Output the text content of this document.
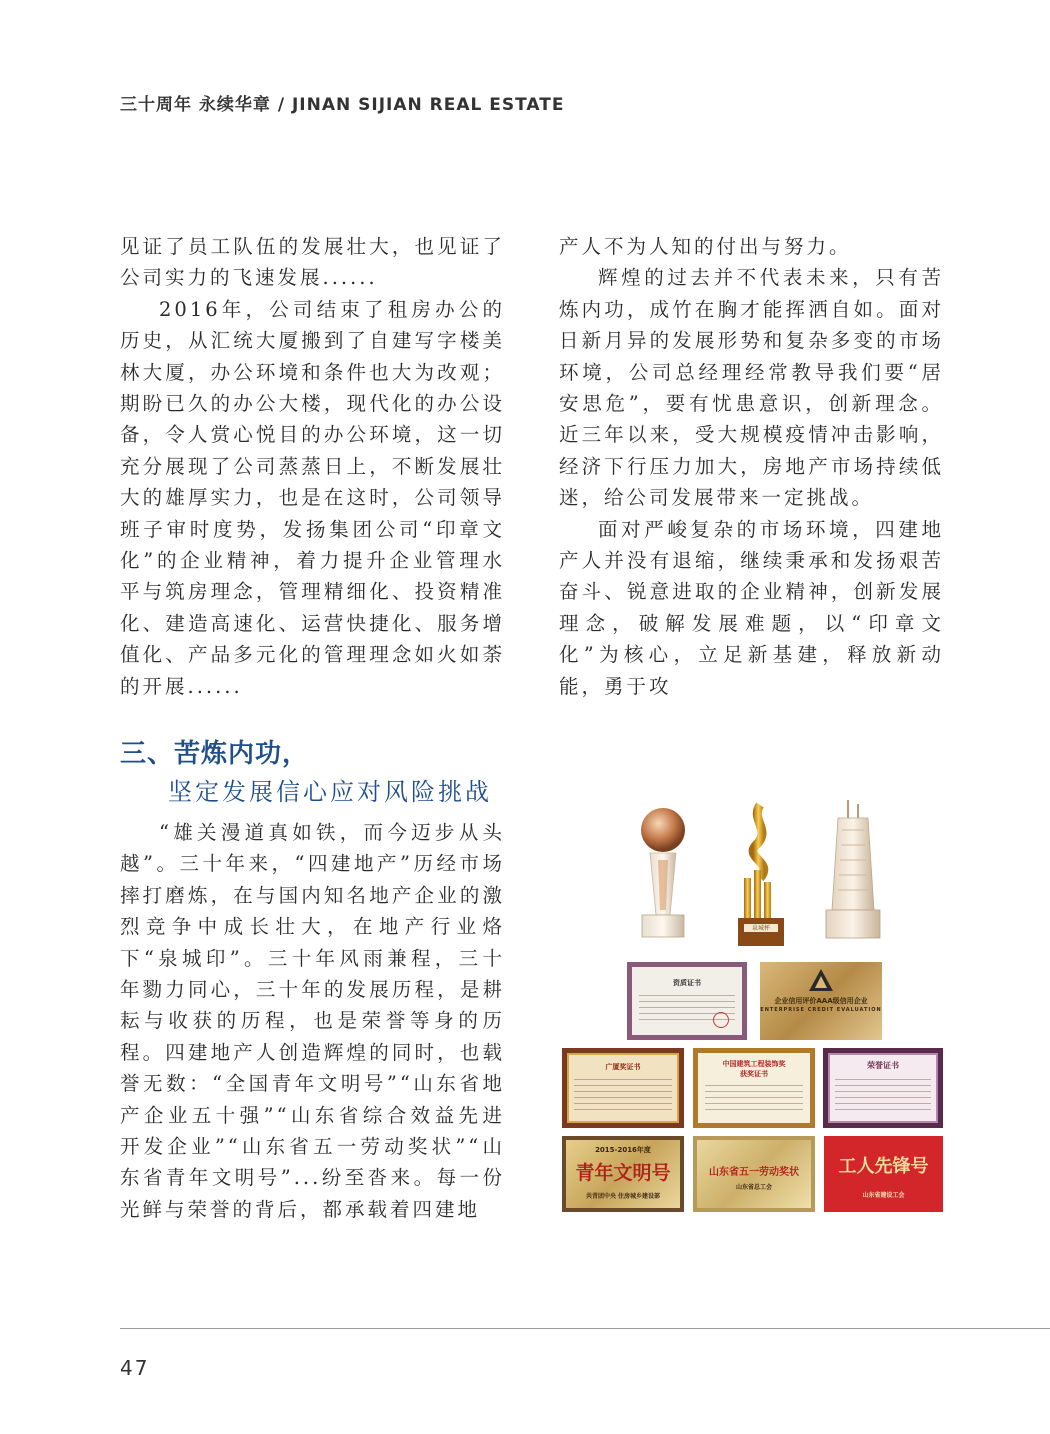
三十周年 永续华章 / JINAN SIJIAN REAL ESTATE

见证了员工队伍的发展壮大，也见证了公司实力的飞速发展......

2016年，公司结束了租房办公的历史，从汇统大厦搬到了自建写字楼美林大厦，办公环境和条件也大为改观；期盼已久的办公大楼，现代化的办公设备，令人赏心悦目的办公环境，这一切充分展现了公司蒸蒸日上，不断发展壮大的雄厚实力，也是在这时，公司领导班子审时度势，发扬集团公司“印章文化”的企业精神，着力提升企业管理水平与筑房理念，管理精细化、投资精准化、建造高速化、运营快捷化、服务增值化、产品多元化的管理理念如火如荼的开展......

产人不为人知的付出与努力。

辉煌的过去并不代表未来，只有苦炼内功，成竹在胸才能挥洒自如。面对日新月异的发展形势和复杂多变的市场环境，公司总经理经常教导我们要“居安思危”，要有忧患意识，创新理念。近三年以来，受大规模疫情冲击影响，经济下行压力加大，房地产市场持续低迷，给公司发展带来一定挑战。

面对严峻复杂的市场环境，四建地产人并没有退缩，继续秉承和发扬艰苦奋斗、锐意进取的企业精神，创新发展理念，破解发展难题，以“印章文化”为核心，立足新基建，释放新动能，勇于攻

三、苦炼内功，
坚定发展信心应对风险挑战

“雄关漫道真如铁，而今迈步从头越”。三十年来，“四建地产”历经市场摔打磨炼，在与国内知名地产企业的激烈竞争中成长壮大，在地产行业烙下“泉城印”。三十年风雨兼程，三十年勠力同心，三十年的发展历程，是耕耘与收获的历程，也是荣誉等身的历程。四建地产人创造辉煌的同时，也载誉无数：“全国青年文明号”“山东省地产企业五十强”“山东省综合效益先进开发企业”“山东省五一劳动奖状”“山东省青年文明号”...纷至沓来。每一份光鲜与荣誉的背后，都承载着四建地

泉城杯
资质证书
企业信用评价AAA级信用企业
ENTERPRISE CREDIT EVALUATION
广厦奖证书	中国建筑工程装饰奖
获奖证书
荣誉证书
2015-2016年度
青年文明号
共青团中央 住房城乡建设部
山东省五一劳动奖状
山东省总工会
工人先锋号
山东省建设工会
47
